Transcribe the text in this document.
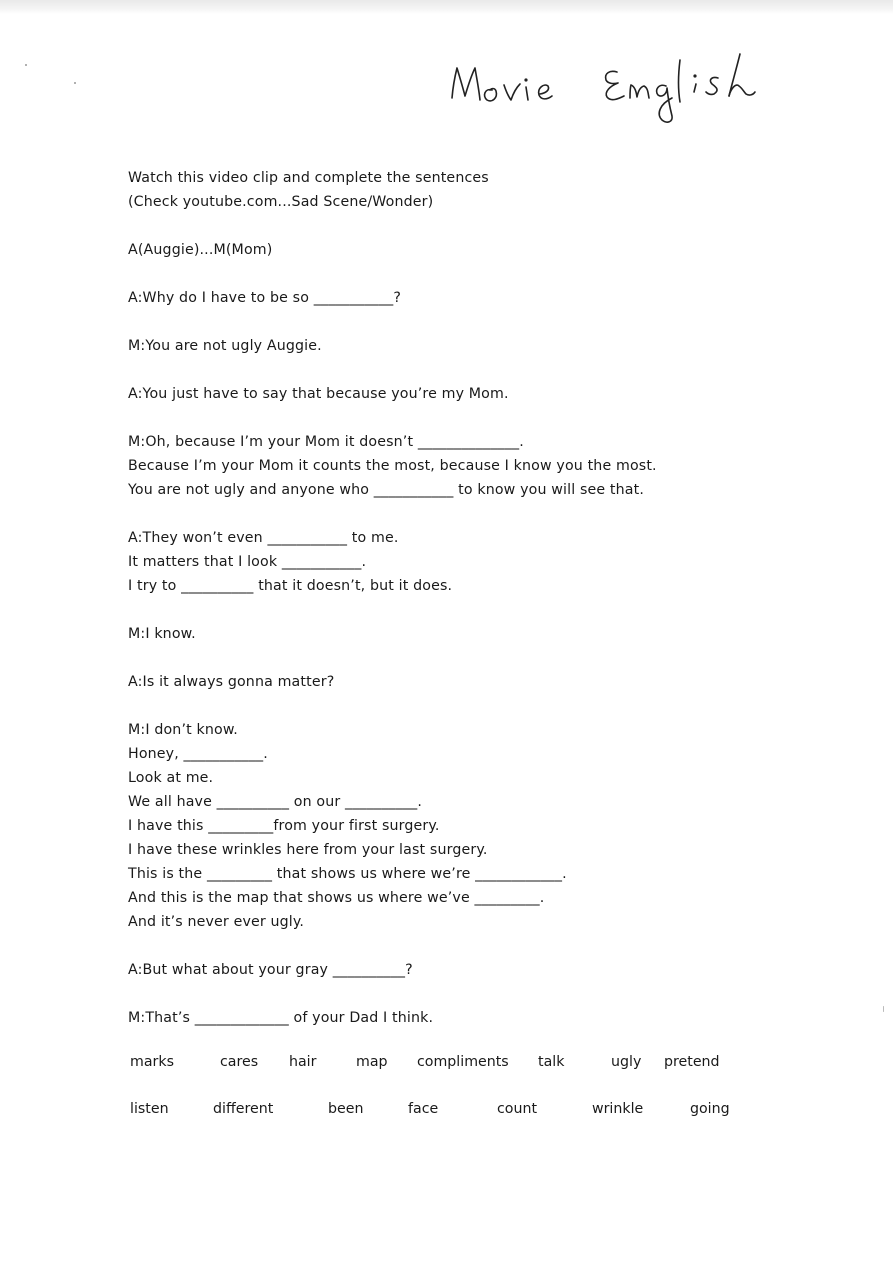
Watch this video clip and complete the sentences
(Check youtube.com...Sad Scene/Wonder)
A(Auggie)...M(Mom)
A:Why do I have to be so ___________?
M:You are not ugly Auggie.
A:You just have to say that because you’re my Mom.
M:Oh, because I’m your Mom it doesn’t ______________.
Because I’m your Mom it counts the most, because I know you the most.
You are not ugly and anyone who ___________ to know you will see that.
A:They won’t even ___________ to me.
It matters that I look ___________.
I try to __________ that it doesn’t, but it does.
M:I know.
A:Is it always gonna matter?
M:I don’t know.
Honey, ___________.
Look at me.
We all have __________ on our __________.
I have this _________from your first surgery.
I have these wrinkles here from your last surgery.
This is the _________ that shows us where we’re ____________.
And this is the map that shows us where we’ve _________.
And it’s never ever ugly.
A:But what about your gray __________?
M:That’s _____________ of your Dad I think.
marks	cares hair	map compliments talk	ugly pretend
listen	different	been	face	count	wrinkle	going
